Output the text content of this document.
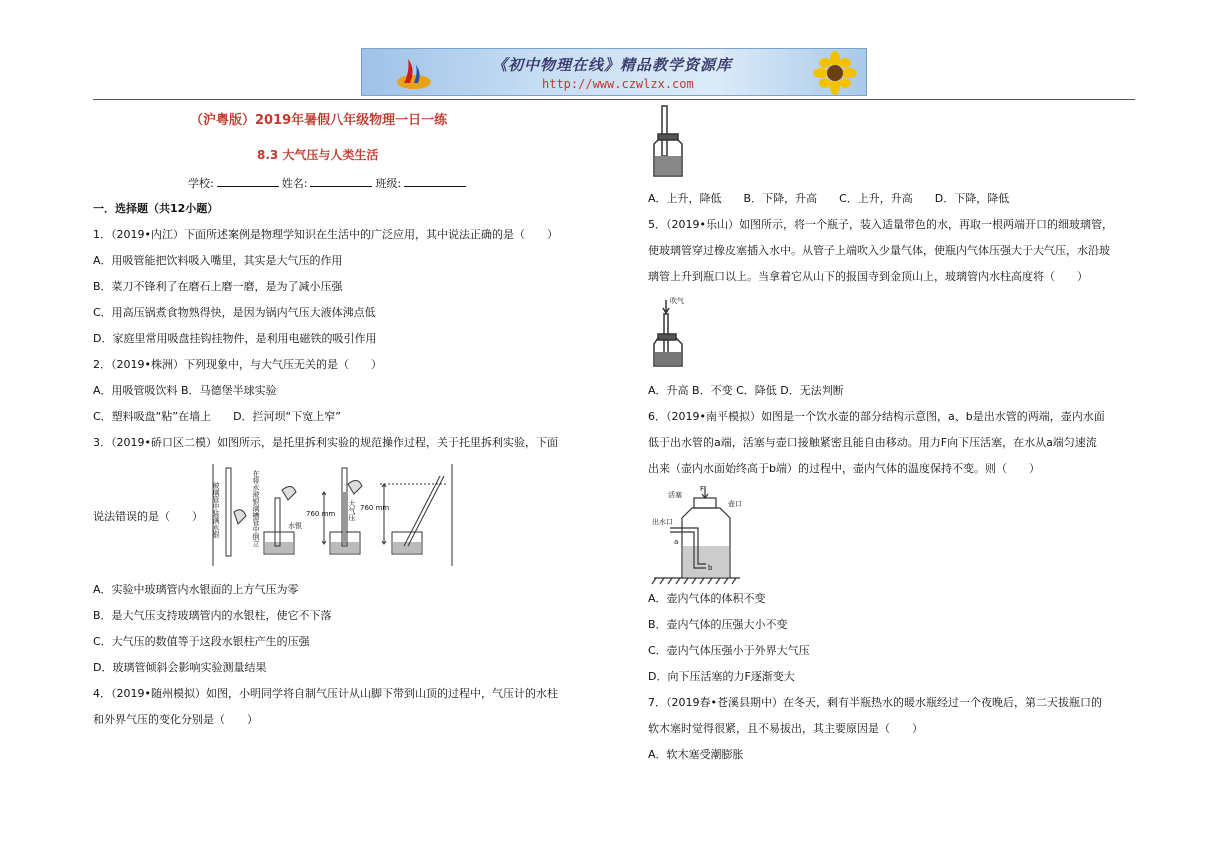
《初中物理在线》精品教学资源库
http://www.czwlzx.com
（沪粤版）2019年暑假八年级物理一日一练
8.3 大气压与人类生活
学校:	姓名:	班级:
一．选择题（共12小题）
1．（2019•内江）下面所述案例是物理学知识在生活中的广泛应用，其中说法正确的是（　　）
A．用吸管能把饮料吸入嘴里，其实是大气压的作用
B．菜刀不锋利了在磨石上磨一磨，是为了减小压强
C．用高压锅煮食物熟得快，是因为锅内气压大液体沸点低
D．家庭里常用吸盘挂钩挂物件，是利用电磁铁的吸引作用
2．（2019•株洲）下列现象中，与大气压无关的是（　　）
A．用吸管吸饮料 B．马德堡半球实验
C．塑料吸盘“粘”在墙上　　D．拦河坝“下宽上窄”
3．（2019•硚口区二模）如图所示，是托里拆利实验的规范操作过程，关于托里拆利实验，下面
说法错误的是（　　） 玻璃管中装满水银	在将水玻银璃槽管中倒立	水银
760 mm 大气压 760 mm
A．实验中玻璃管内水银面的上方气压为零
B．是大气压支持玻璃管内的水银柱，使它不下落
C．大气压的数值等于这段水银柱产生的压强
D．玻璃管倾斜会影响实验测量结果
4．（2019•随州模拟）如图，小明同学将自制气压计从山脚下带到山顶的过程中，气压计的水柱
和外界气压的变化分别是（　　）
A．上升，降低　　B．下降，升高　　C．上升，升高　　D．下降，降低
5．（2019•乐山）如图所示，将一个瓶子，装入适量带色的水，再取一根两端开口的细玻璃管，
使玻璃管穿过橡皮塞插入水中。从管子上端吹入少量气体，使瓶内气体压强大于大气压，水沿玻
璃管上升到瓶口以上。当拿着它从山下的报国寺到金顶山上，玻璃管内水柱高度将（　　）
吹气
A．升高 B．不变 C．降低 D．无法判断
6．（2019•南平模拟）如图是一个饮水壶的部分结构示意图，a、b是出水管的两端，壶内水面
低于出水管的a端，活塞与壶口接触紧密且能自由移动。用力F向下压活塞，在水从a端匀速流
出来（壶内水面始终高于b端）的过程中，壶内气体的温度保持不变。则（　　）
活塞
F
壶口
出水口
a
b
A．壶内气体的体积不变
B．壶内气体的压强大小不变
C．壶内气体压强小于外界大气压
D．向下压活塞的力F逐渐变大
7．（2019春•苍溪县期中）在冬天，剩有半瓶热水的暖水瓶经过一个夜晚后，第二天拔瓶口的
软木塞时觉得很紧，且不易拔出，其主要原因是（　　）
A．软木塞受潮膨胀
